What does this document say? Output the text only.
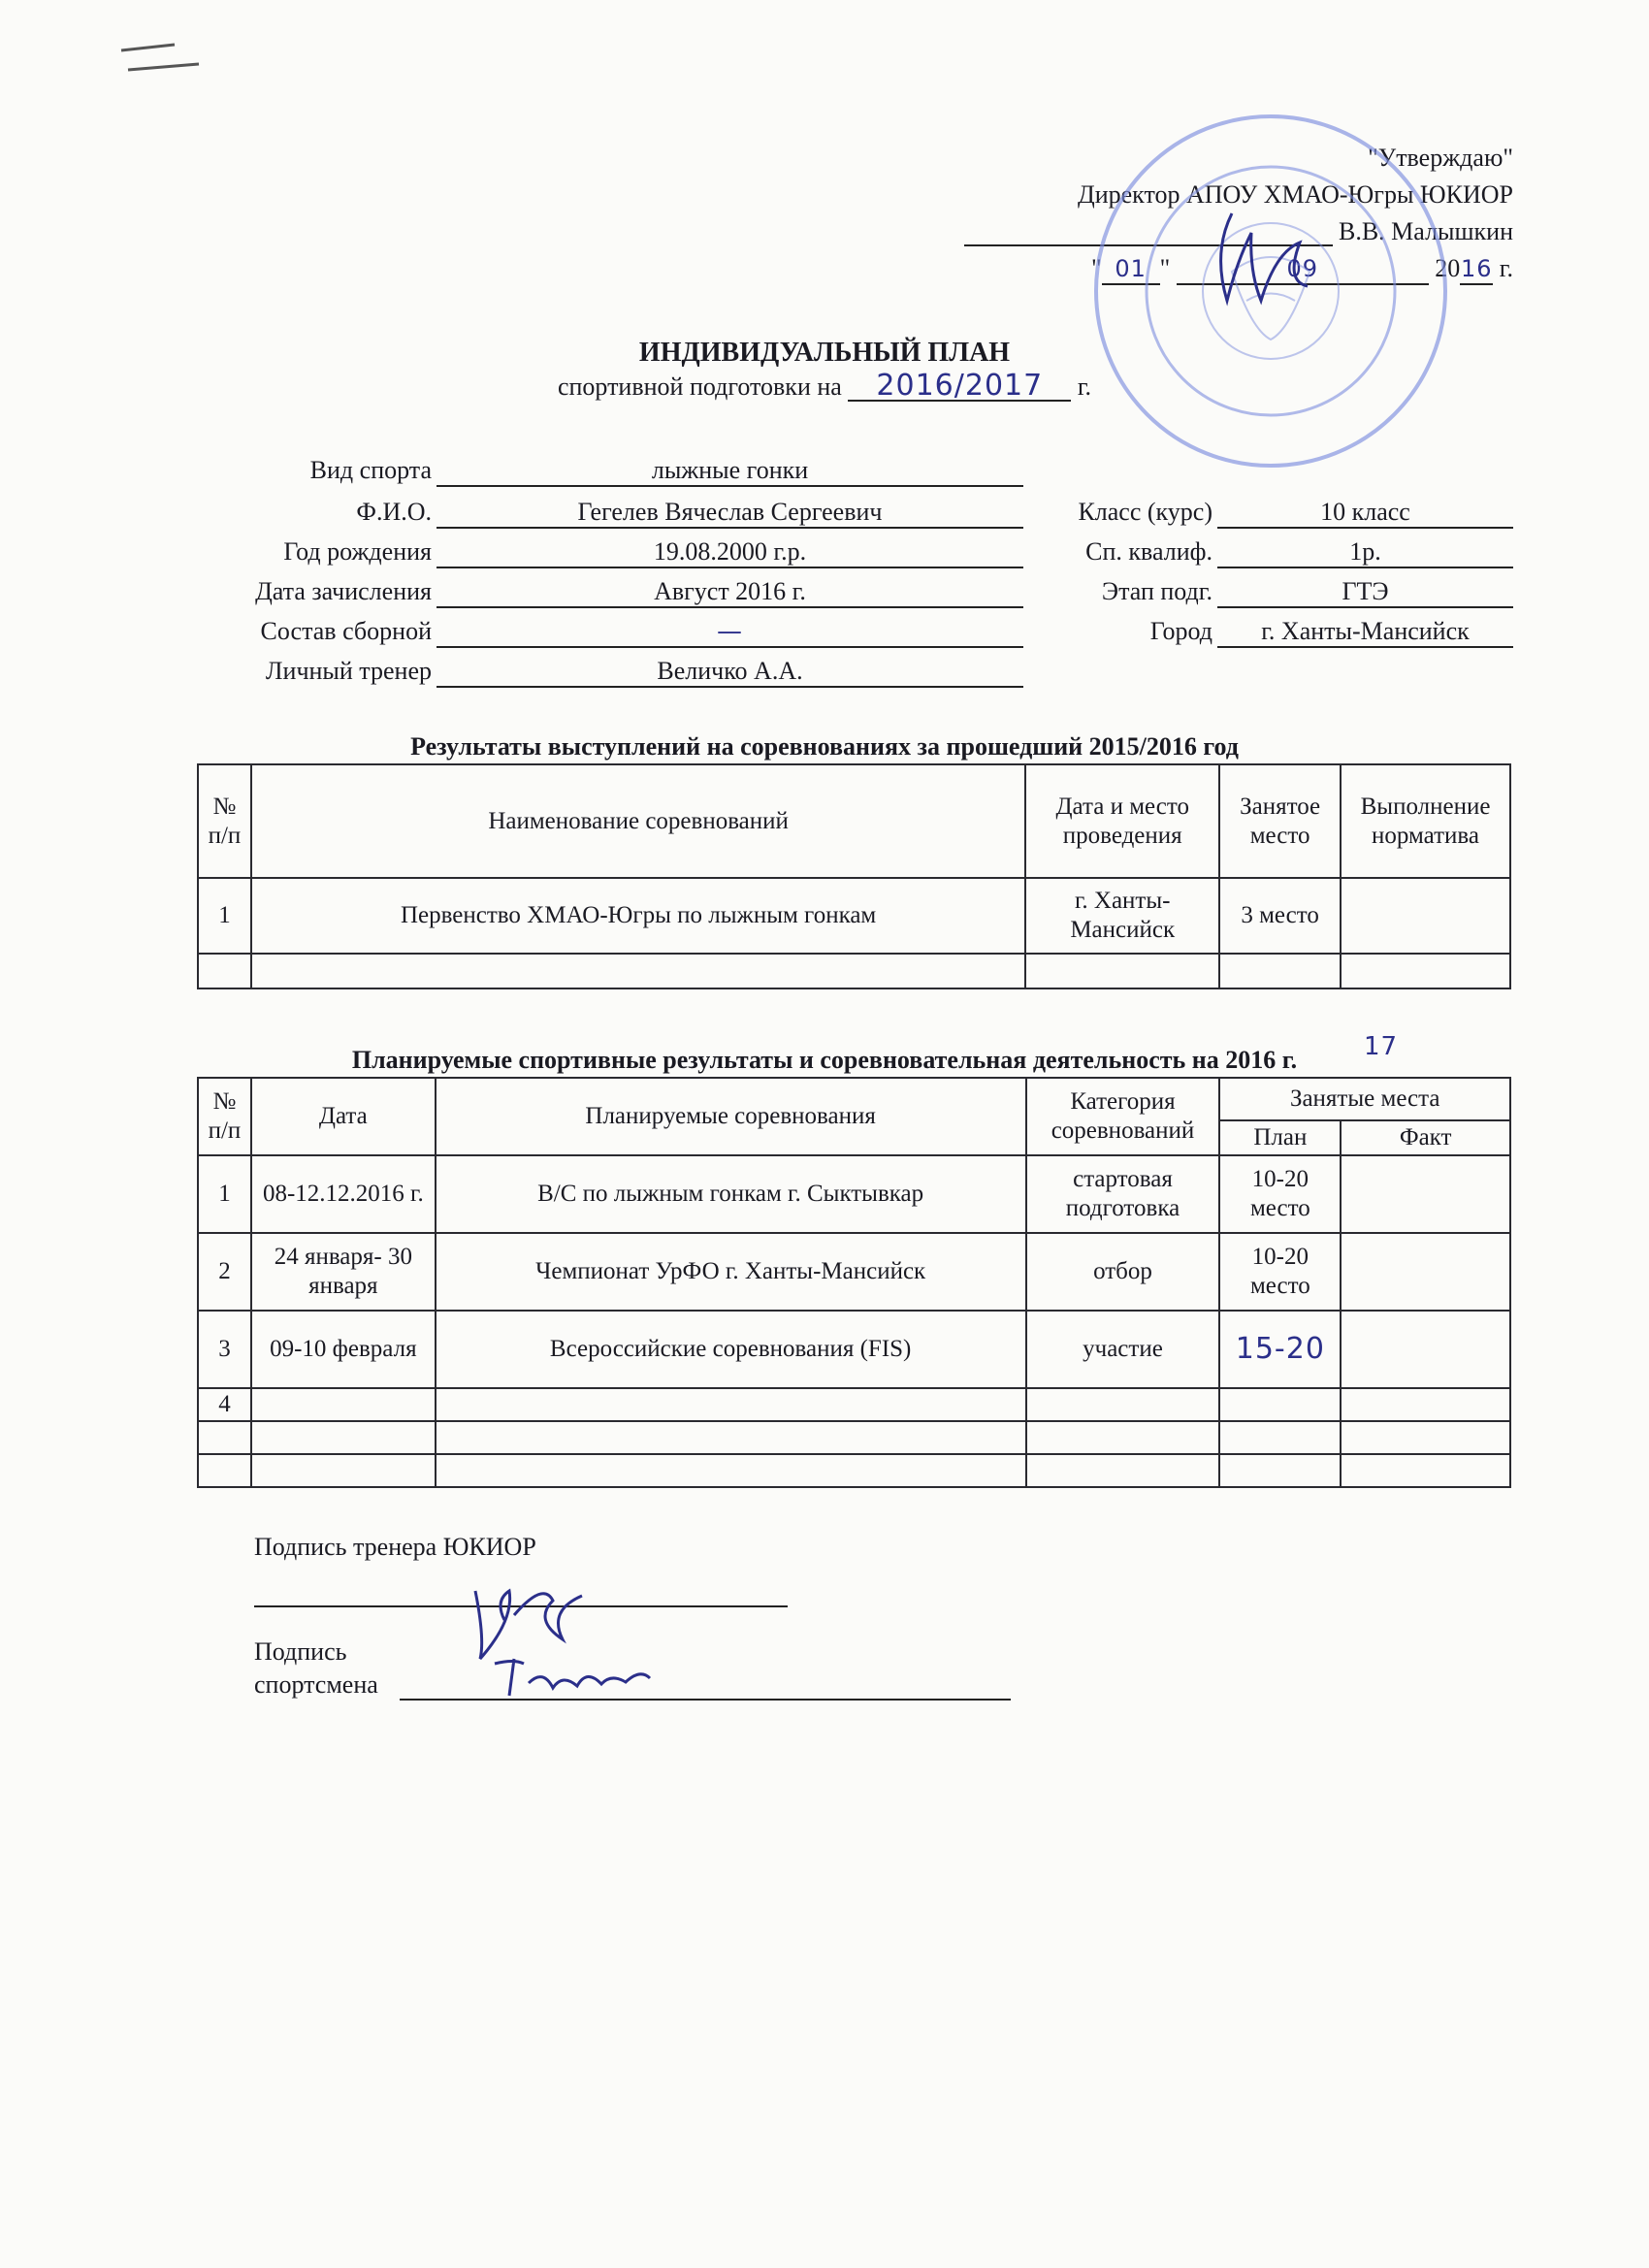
"Утверждаю"
Директор АПОУ ХМАО-Югры ЮКИОР
В.В. Малышкин
" 01 "	09	2016 г.
ИНДИВИДУАЛЬНЫЙ ПЛАН
спортивной подготовки на 2016/2017 г.
Вид спорта	лыжные гонки
Ф.И.О.	Гегелев Вячеслав Сергеевич
Год рождения	19.08.2000 г.р.
Дата зачисления	Август 2016 г.
Состав сборной	—
Личный тренер	Величко А.А.
Класс (курс)	10 класс
Сп. квалиф.	1р.
Этап подг.	ГТЭ
Город	г. Ханты-Мансийск
Результаты выступлений на соревнованиях за прошедший 2015/2016 год
№ п/п	Наименование соревнований	Дата и место проведения	Занятое место	Выполнение норматива
1	Первенство ХМАО-Югры по лыжным гонкам	г. Ханты-Мансийск	3 место	

Планируемые спортивные результаты и соревновательная деятельность на 2016 г.	17
№ п/п	Дата	Планируемые соревнования	Категория соревнований	Занятые места	
				План	Факт
1	08-12.12.2016 г.	В/С по лыжным гонкам г. Сыктывкар	стартовая подготовка	10-20 место	
2	24 января- 30 января	Чемпионат УрФО г. Ханты-Мансийск	отбор	10-20 место	
3	09-10 февраля	Всероссийские соревнования (FIS)	участие	15-20	
4					

Подпись тренера ЮКИОР
Подпись
спортсмена
